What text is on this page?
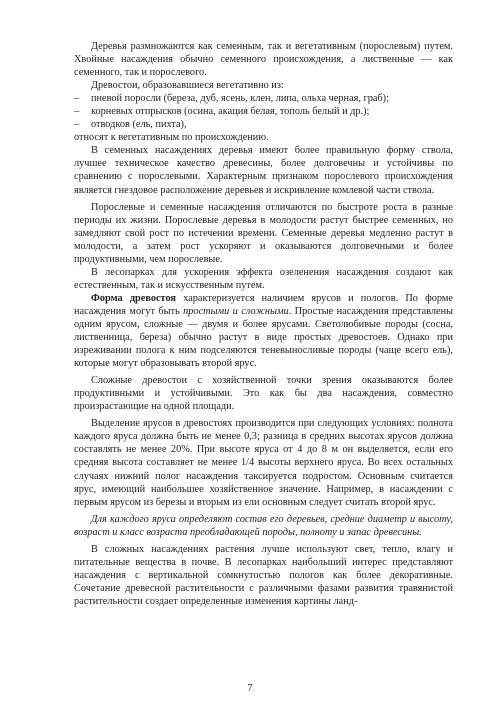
Деревья размножаются как семенным, так и вегетативным (порослевым) путем. Хвойные насаждения обычно семенного происхождения, а лиственные — как семенного, так и порослевого.

Древостои, образовавшиеся вегетативно из:

– пневой поросли (береза, дуб, ясень, клен, липа, ольха черная, граб);

– корневых отпрысков (осина, акация белая, тополь белый и др.);

– отводков (ель, пихта),

относят к вегетативным по происхождению.

В семенных насаждениях деревья имеют более правильную форму ствола, лучшее техническое качество древесины, более долговечны и устойчивы по сравнению с порослевыми. Характерным признаком порослевого происхождения является гнездовое расположение деревьев и искривление комлевой части ствола.

Порослевые и семенные насаждения отличаются по быстроте роста в разные периоды их жизни. Порослевые деревья в молодости растут быстрее семенных, но замедляют свой рост по истечении времени. Семенные деревья медленно растут в молодости, а затем рост ускоряют и оказываются долговечными и более продуктивными, чем порослевые.

В лесопарках для ускорения эффекта озеленения насаждения создают как естественным, так и искусственным путем.

Форма древостоя характеризуется наличием ярусов и пологов. По форме насаждения могут быть простыми и сложными. Простые насаждения представлены одним ярусом, сложные — двумя и более ярусами. Светолюбивые породы (сосна, лиственница, береза) обычно растут в виде простых древостоев. Однако при изреживании полога к ним подселяются теневыносливые породы (чаще всего ель), которые могут образовывать второй ярус.

Сложные древостои с хозяйственной точки зрения оказываются более продуктивными и устойчивыми. Это как бы два насаждения, совместно произрастающие на одной площади.

Выделение ярусов в древостоях производится при следующих условиях: полнота каждого яруса должна быть не менее 0,3; разница в средних высотах ярусов должна составлять не менее 20%. При высоте яруса от 4 до 8 м он выделяется, если его средняя высота составляет не менее 1/4 высоты верхнего яруса. Во всех остальных случаях нижний полог насаждения таксируется подростом. Основным считается ярус, имеющий наибольшее хозяйственное значение. Например, в насаждении с первым ярусом из березы и вторым из ели основным следует считать второй ярус.

Для каждого яруса определяют состав его деревьев, средние диаметр и высоту, возраст и класс возраста преобладающей породы, полноту и запас древесины.

В сложных насаждениях растения лучше используют свет, тепло, влагу и питательные вещества в почве. В лесопарках наибольший интерес представляют насаждения с вертикальной сомкнутостью пологов как более декоративные. Сочетание древесной растительности с различными фазами развития травянистой растительности создает определенные изменения картины ланд-

7
